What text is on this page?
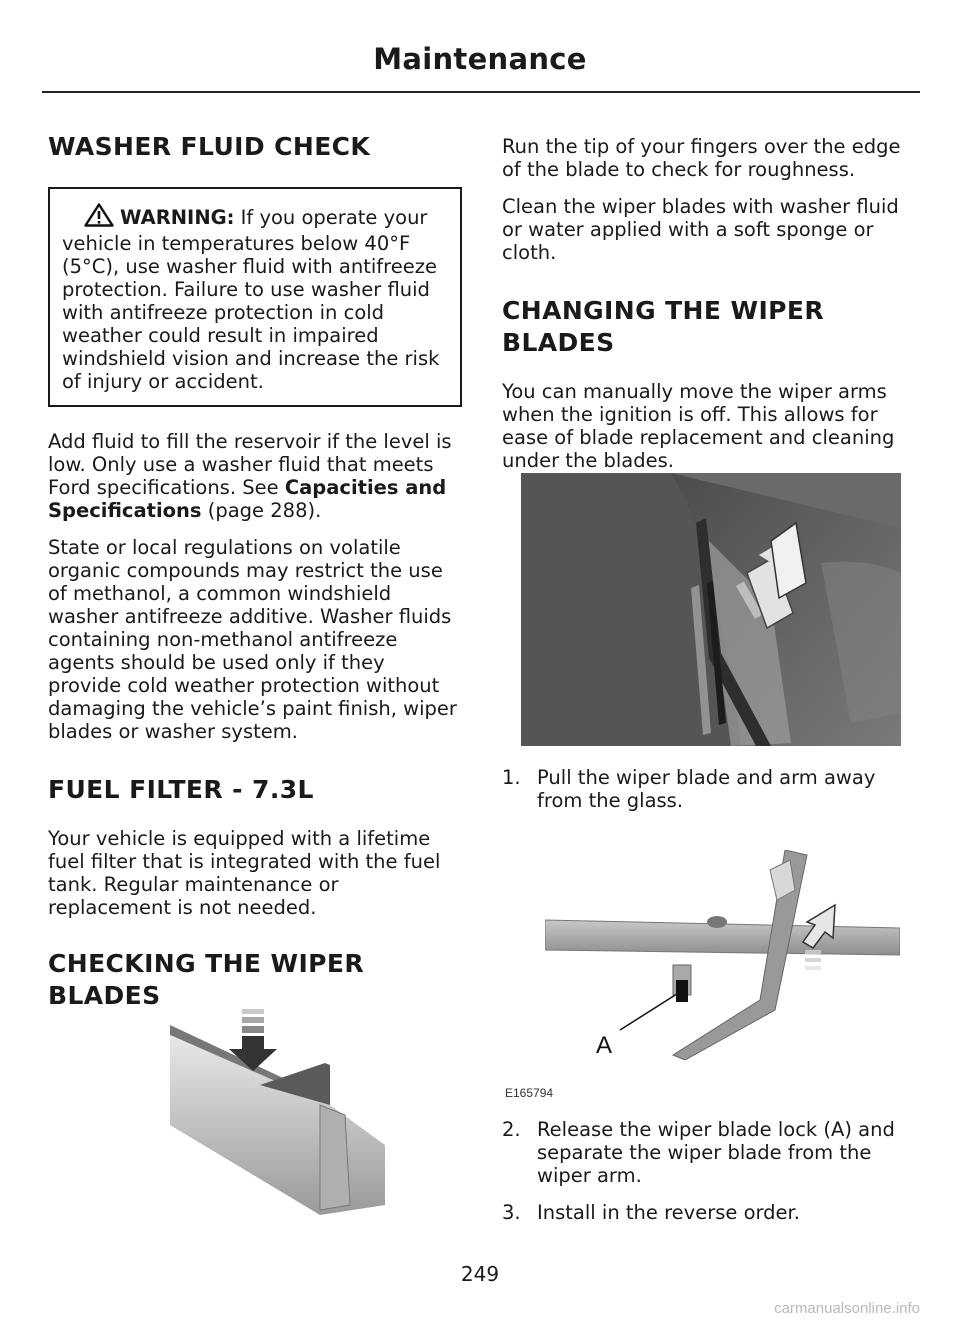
Maintenance
WASHER FLUID CHECK
WARNING: If you operate your vehicle in temperatures below 40°F (5°C), use washer fluid with antifreeze protection. Failure to use washer fluid with antifreeze protection in cold weather could result in impaired windshield vision and increase the risk of injury or accident.

Add fluid to fill the reservoir if the level is low. Only use a washer fluid that meets Ford specifications. See Capacities and Specifications (page 288).

State or local regulations on volatile organic compounds may restrict the use of methanol, a common windshield washer antifreeze additive. Washer fluids containing non-methanol antifreeze agents should be used only if they provide cold weather protection without damaging the vehicle’s paint finish, wiper blades or washer system.

FUEL FILTER - 7.3L

Your vehicle is equipped with a lifetime fuel filter that is integrated with the fuel tank. Regular maintenance or replacement is not needed.

CHECKING THE WIPER
BLADES

Run the tip of your fingers over the edge of the blade to check for roughness.

Clean the wiper blades with washer fluid or water applied with a soft sponge or cloth.

CHANGING THE WIPER
BLADES

You can manually move the wiper arms when the ignition is off. This allows for ease of blade replacement and cleaning under the blades.

1. Pull the wiper blade and arm away from the glass.
A
E165794
2. Release the wiper blade lock (A) and separate the wiper blade from the wiper arm.
3. Install in the reverse order.
249
carmanualsonline.info
